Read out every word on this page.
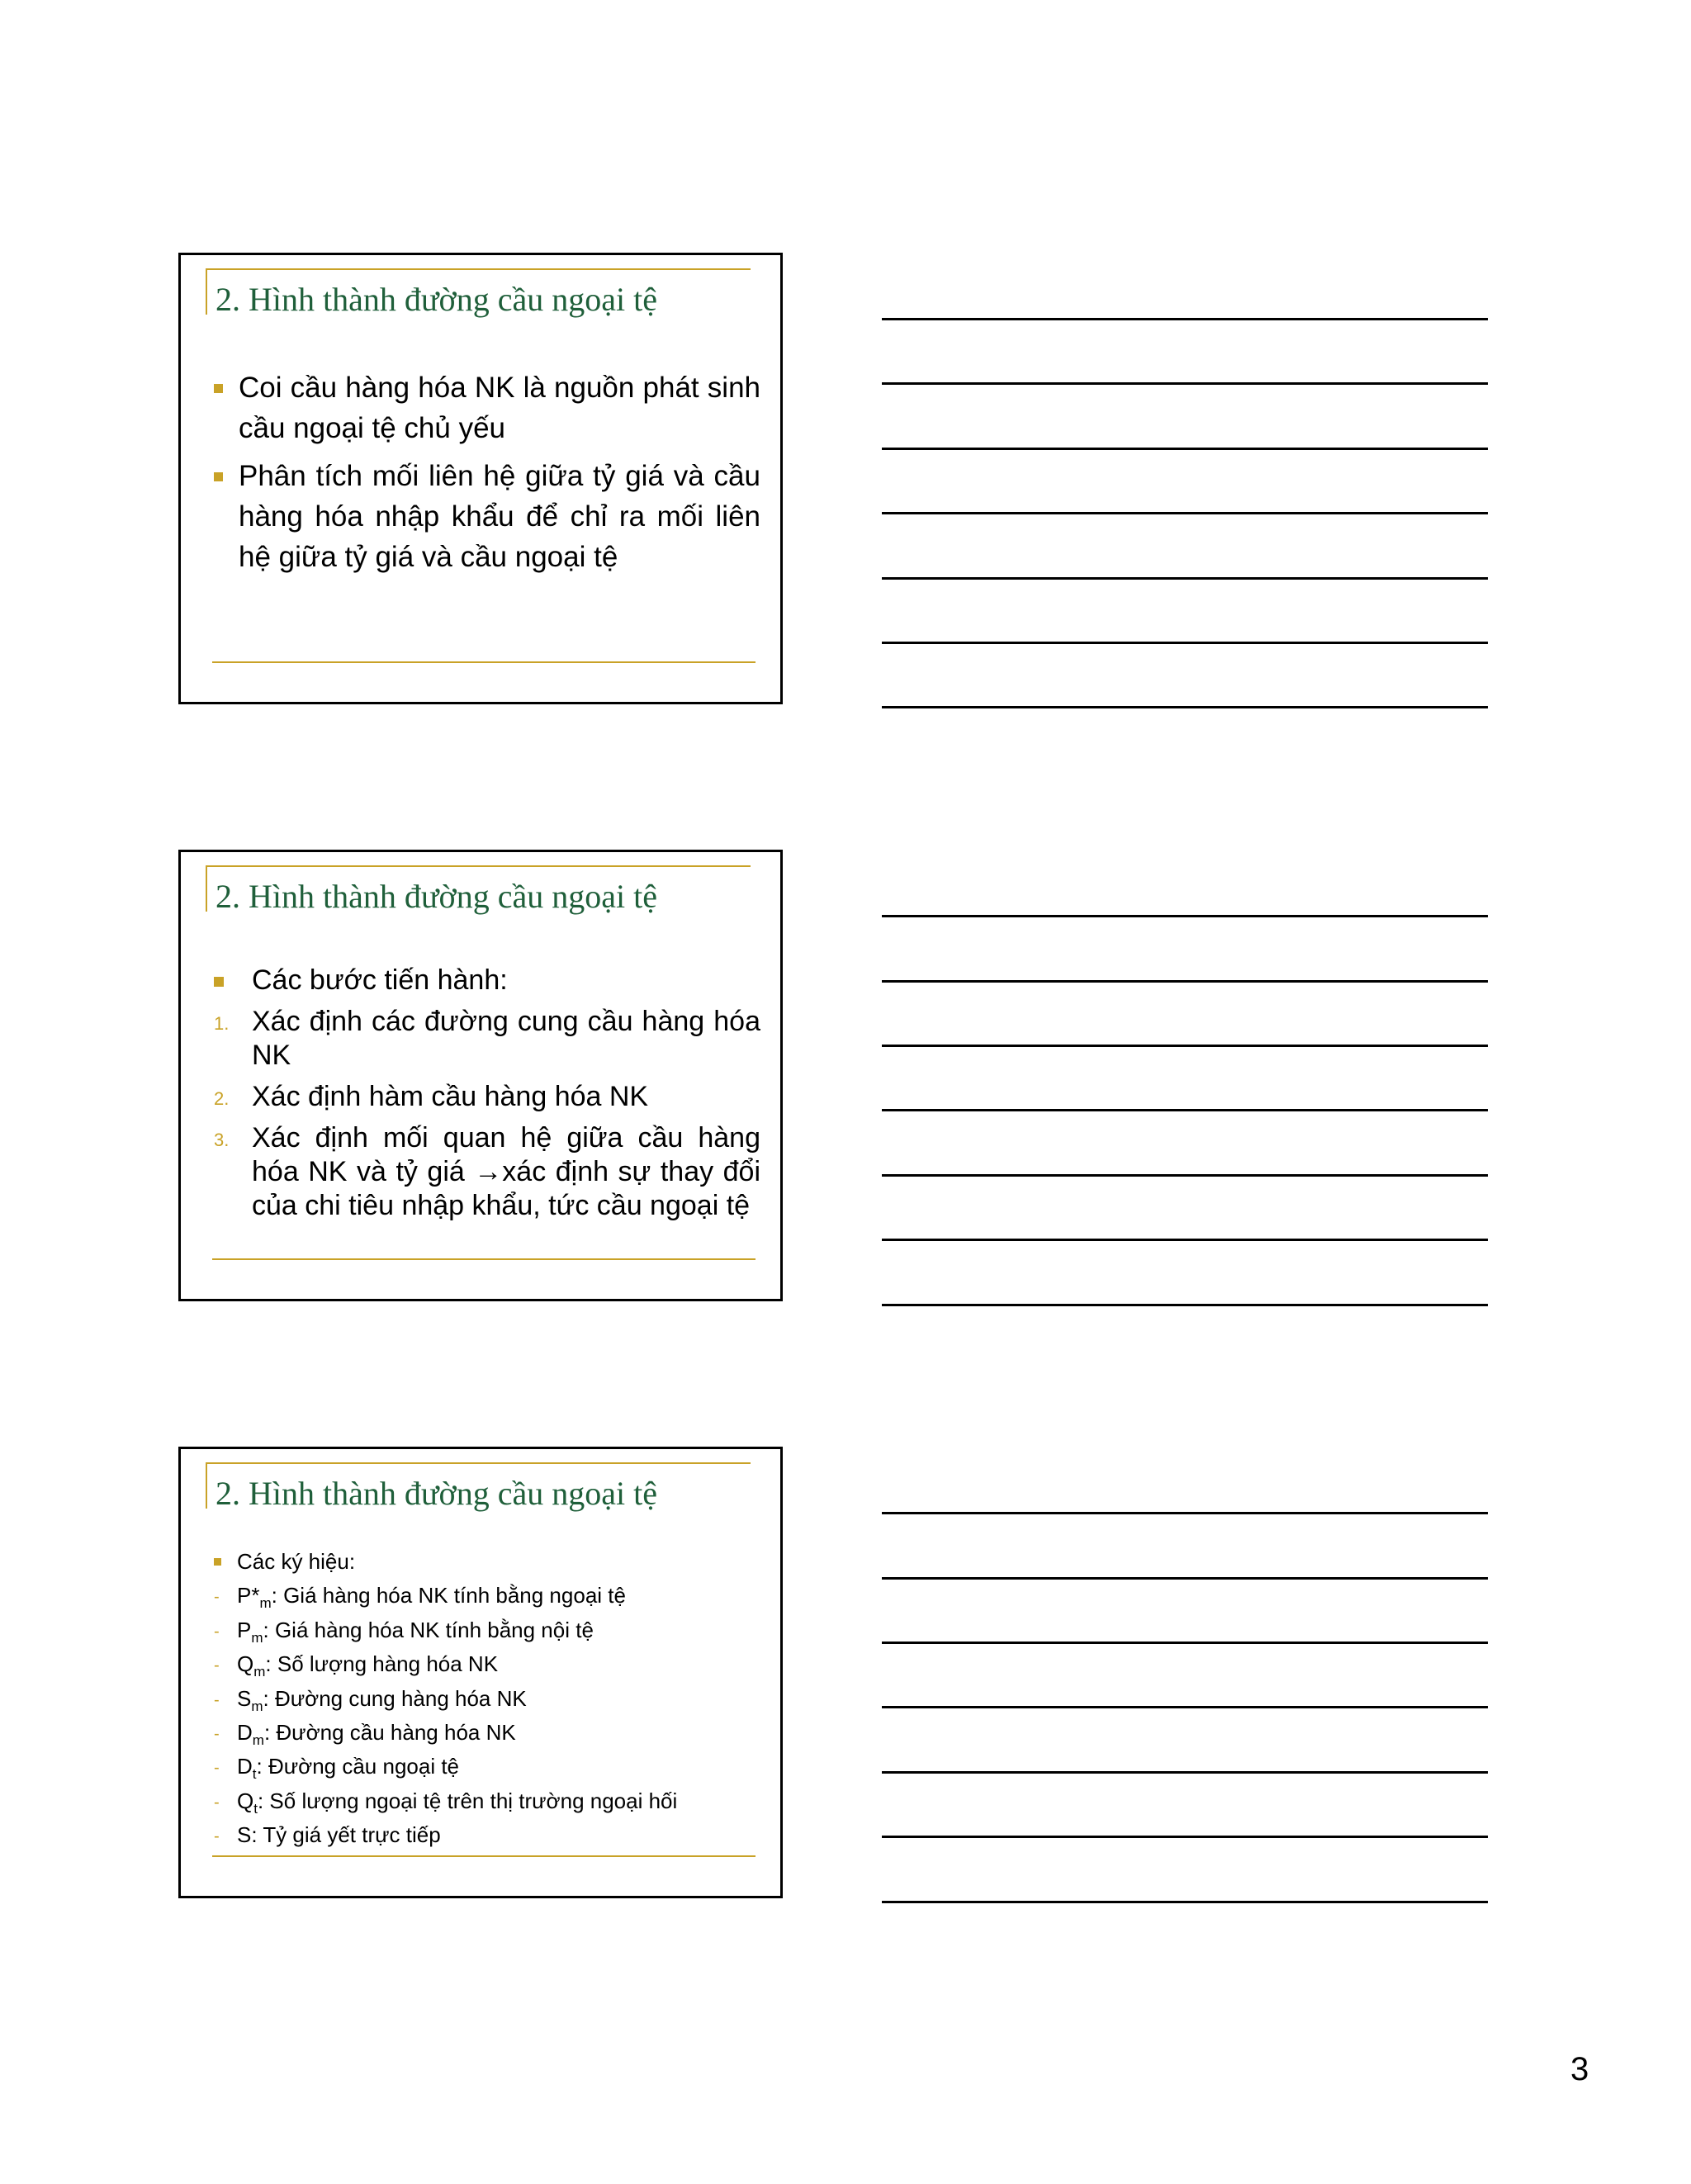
2. Hình thành đường cầu ngoại tệ
Coi cầu hàng hóa NK là nguồn phát sinh cầu ngoại tệ chủ yếu
Phân tích mối liên hệ giữa tỷ giá và cầu hàng hóa nhập khẩu để chỉ ra mối liên hệ giữa tỷ giá và cầu ngoại tệ
2. Hình thành đường cầu ngoại tệ
Các bước tiến hành:
1. Xác định các đường cung cầu hàng hóa NK
2. Xác định hàm cầu hàng hóa NK
3. Xác định mối quan hệ giữa cầu hàng hóa NK và tỷ giá →xác định sự thay đổi của chi tiêu nhập khẩu, tức cầu ngoại tệ
2. Hình thành đường cầu ngoại tệ
Các ký hiệu:
- $P*_m$: Giá hàng hóa NK tính bằng ngoại tệ
- $P_m$: Giá hàng hóa NK tính bằng nội tệ
- $Q_m$: Số lượng hàng hóa NK
- $S_m$: Đường cung hàng hóa NK
- $D_m$: Đường cầu hàng hóa NK
- $D_t$: Đường cầu ngoại tệ
- $Q_t$: Số lượng ngoại tệ trên thị trường ngoại hối
- S: Tỷ giá yết trực tiếp
3
